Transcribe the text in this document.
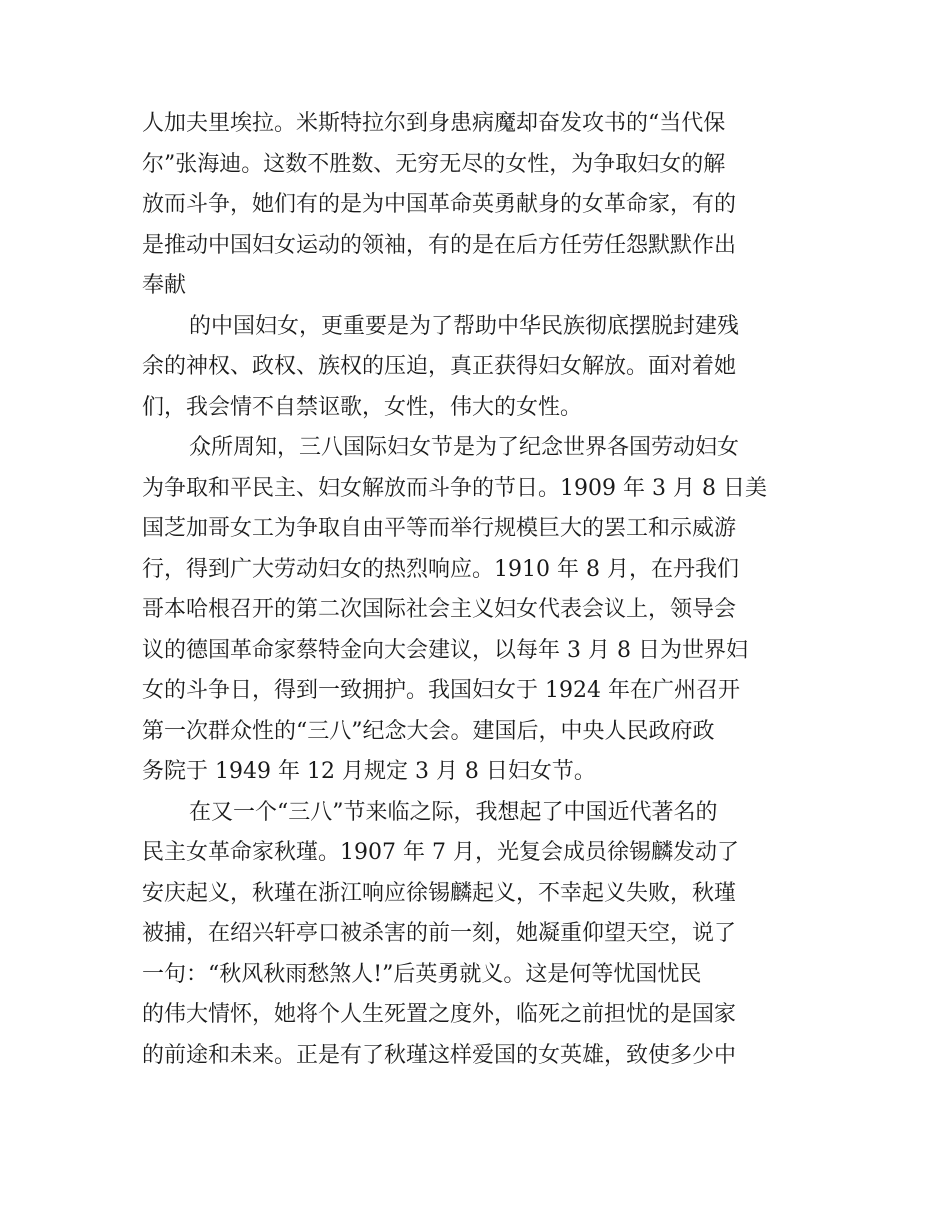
人加夫里埃拉。米斯特拉尔到身患病魔却奋发攻书的“当代保
尔”张海迪。这数不胜数、无穷无尽的女性，为争取妇女的解
放而斗争，她们有的是为中国革命英勇献身的女革命家，有的
是推动中国妇女运动的领袖，有的是在后方任劳任怨默默作出
奉献
的中国妇女，更重要是为了帮助中华民族彻底摆脱封建残
余的神权、政权、族权的压迫，真正获得妇女解放。面对着她
们，我会情不自禁讴歌，女性，伟大的女性。
众所周知，三八国际妇女节是为了纪念世界各国劳动妇女
为争取和平民主、妇女解放而斗争的节日。1909 年 3 月 8 日美
国芝加哥女工为争取自由平等而举行规模巨大的罢工和示威游
行，得到广大劳动妇女的热烈响应。1910 年 8 月，在丹我们
哥本哈根召开的第二次国际社会主义妇女代表会议上，领导会
议的德国革命家蔡特金向大会建议，以每年 3 月 8 日为世界妇
女的斗争日，得到一致拥护。我国妇女于 1924 年在广州召开
第一次群众性的“三八”纪念大会。建国后，中央人民政府政
务院于 1949 年 12 月规定 3 月 8 日妇女节。
在又一个“三八”节来临之际，我想起了中国近代著名的
民主女革命家秋瑾。1907 年 7 月，光复会成员徐锡麟发动了
安庆起义，秋瑾在浙江响应徐锡麟起义，不幸起义失败，秋瑾
被捕，在绍兴轩亭口被杀害的前一刻，她凝重仰望天空，说了
一句：“秋风秋雨愁煞人!”后英勇就义。这是何等忧国忧民
的伟大情怀，她将个人生死置之度外，临死之前担忧的是国家
的前途和未来。正是有了秋瑾这样爱国的女英雄，致使多少中
